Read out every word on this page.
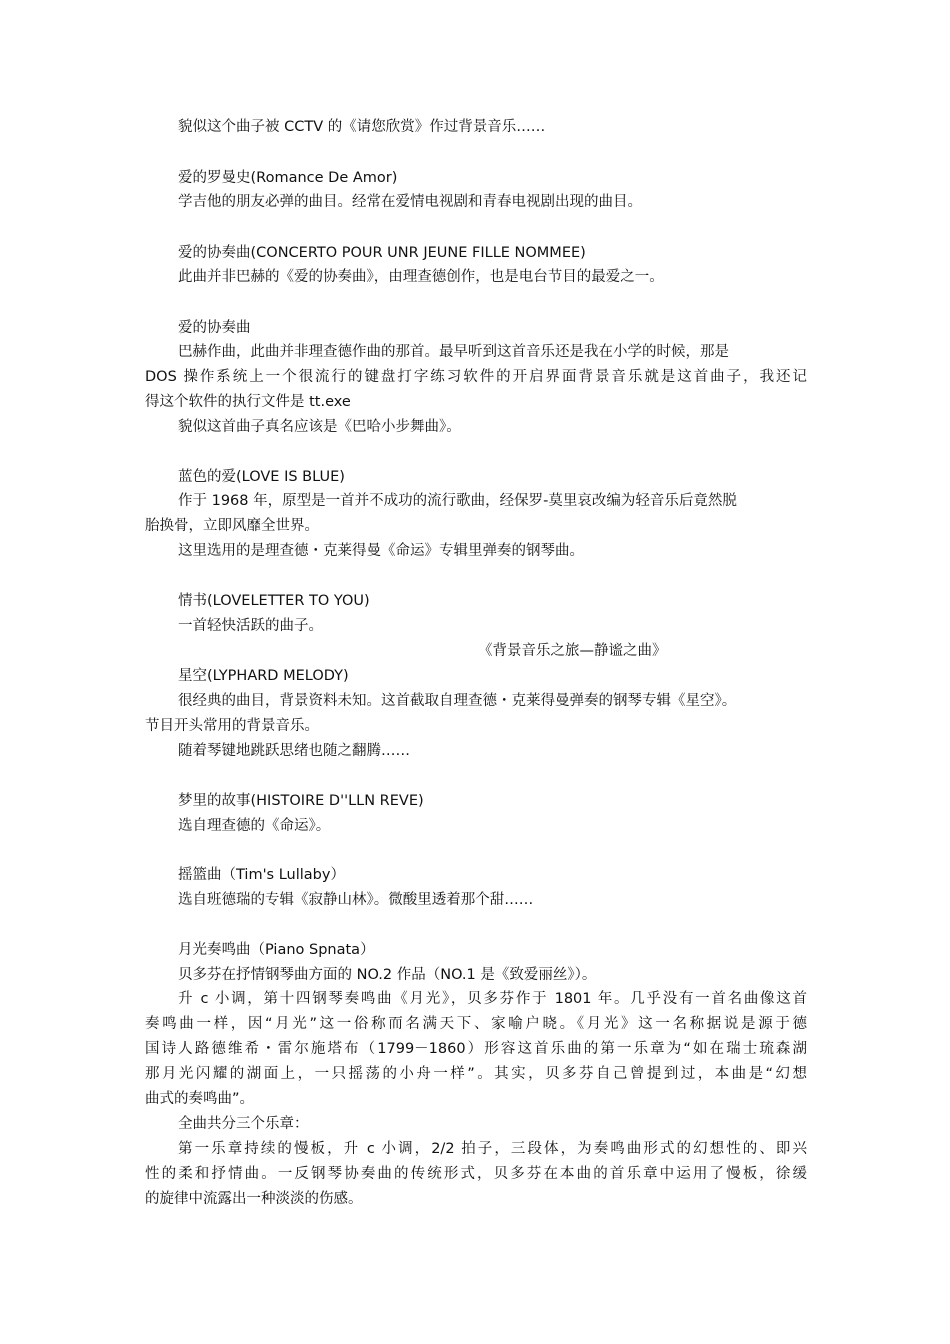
貌似这个曲子被 CCTV 的《请您欣赏》作过背景音乐……
爱的罗曼史(Romance De Amor)
学吉他的朋友必弹的曲目。经常在爱情电视剧和青春电视剧出现的曲目。
爱的协奏曲(CONCERTO POUR UNR JEUNE FILLE NOMMEE)
此曲并非巴赫的《爱的协奏曲》，由理查德创作，也是电台节目的最爱之一。
爱的协奏曲
巴赫作曲，此曲并非理查德作曲的那首。最早听到这首音乐还是我在小学的时候，那是
DOS 操作系统上一个很流行的键盘打字练习软件的开启界面背景音乐就是这首曲子，我还记
得这个软件的执行文件是 tt.exe
貌似这首曲子真名应该是《巴哈小步舞曲》。
蓝色的爱(LOVE IS BLUE)
作于 1968 年，原型是一首并不成功的流行歌曲，经保罗-莫里哀改编为轻音乐后竟然脱
胎换骨，立即风靡全世界。
这里选用的是理查德・克莱得曼《命运》专辑里弹奏的钢琴曲。
情书(LOVELETTER TO YOU)
一首轻快活跃的曲子。
《背景音乐之旅—静谧之曲》
星空(LYPHARD MELODY)
很经典的曲目，背景资料未知。这首截取自理查德・克莱得曼弹奏的钢琴专辑《星空》。
节目开头常用的背景音乐。
随着琴键地跳跃思绪也随之翻腾……
梦里的故事(HISTOIRE D''LLN REVE)
选自理查德的《命运》。
摇篮曲（Tim's Lullaby）
选自班德瑞的专辑《寂静山林》。微酸里透着那个甜……
月光奏鸣曲（Piano Spnata）
贝多芬在抒情钢琴曲方面的 NO.2 作品（NO.1 是《致爱丽丝》）。
升 c 小调，第十四钢琴奏鸣曲《月光》，贝多芬作于 1801 年。几乎没有一首名曲像这首
奏鸣曲一样，因“月光”这一俗称而名满天下、家喻户晓。《月光》这一名称据说是源于德
国诗人路德维希・雷尔施塔布（1799－1860）形容这首乐曲的第一乐章为“如在瑞士琉森湖
那月光闪耀的湖面上，一只摇荡的小舟一样”。其实，贝多芬自己曾提到过，本曲是“幻想
曲式的奏鸣曲”。
全曲共分三个乐章：
第一乐章持续的慢板，升 c 小调，2/2 拍子，三段体，为奏鸣曲形式的幻想性的、即兴
性的柔和抒情曲。一反钢琴协奏曲的传统形式，贝多芬在本曲的首乐章中运用了慢板，徐缓
的旋律中流露出一种淡淡的伤感。
